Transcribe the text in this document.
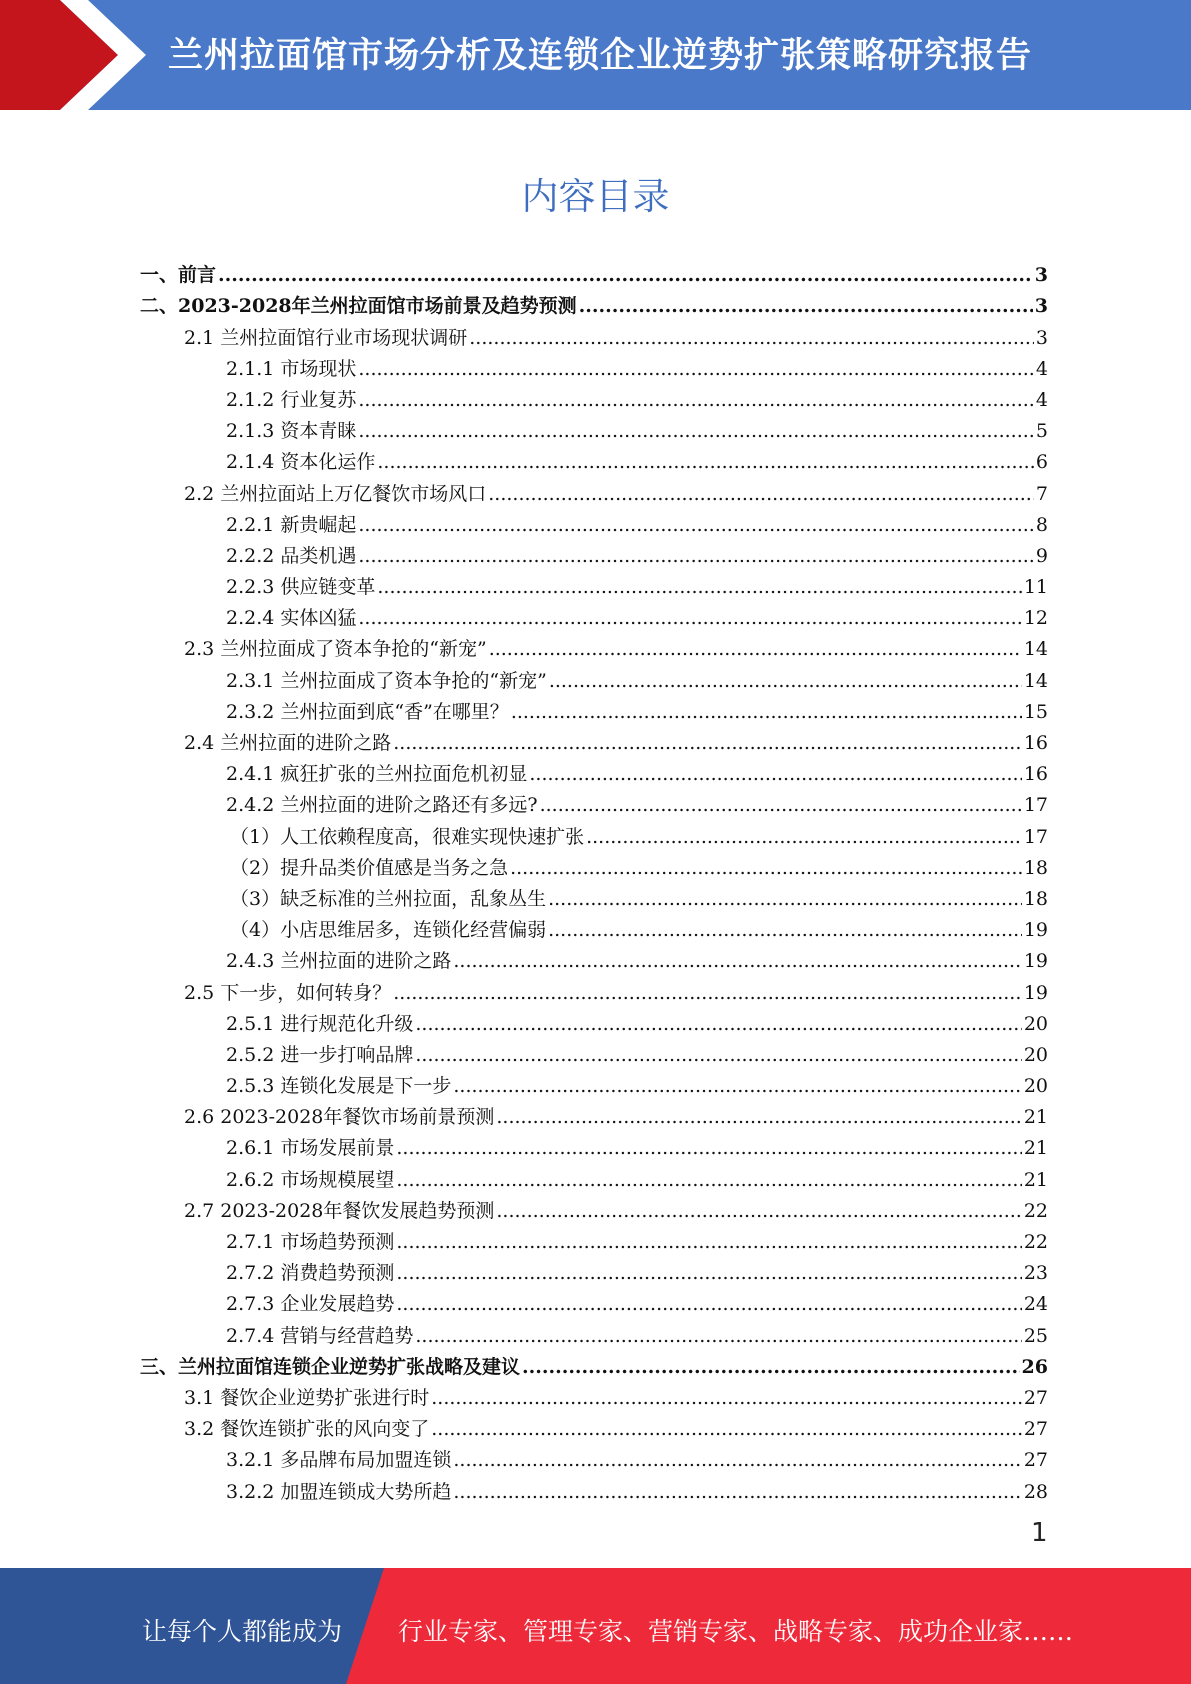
兰州拉面馆市场分析及连锁企业逆势扩张策略研究报告
内容目录
一、前言 .....	3
二、2023-2028年兰州拉面馆市场前景及趋势预测 .....	3
2.1 兰州拉面馆行业市场现状调研 .....	3
2.1.1 市场现状 .....	4
2.1.2 行业复苏 .....	4
2.1.3 资本青睐 .....	5
2.1.4 资本化运作 .....	6
2.2 兰州拉面站上万亿餐饮市场风口 .....	7
2.2.1 新贵崛起 .....	8
2.2.2 品类机遇 .....	9
2.2.3 供应链变革 .....	11
2.2.4 实体凶猛 .....	12
2.3 兰州拉面成了资本争抢的“新宠” .....	14
2.3.1 兰州拉面成了资本争抢的“新宠” .....	14
2.3.2 兰州拉面到底“香”在哪里？ .....	15
2.4 兰州拉面的进阶之路 .....	16
2.4.1 疯狂扩张的兰州拉面危机初显 .....	16
2.4.2 兰州拉面的进阶之路还有多远? .....	17
（1）人工依赖程度高，很难实现快速扩张 .....	17
（2）提升品类价值感是当务之急 .....	18
（3）缺乏标准的兰州拉面，乱象丛生 .....	18
（4）小店思维居多，连锁化经营偏弱 .....	19
2.4.3 兰州拉面的进阶之路 .....	19
2.5 下一步，如何转身？ .....	19
2.5.1 进行规范化升级 .....	20
2.5.2 进一步打响品牌 .....	20
2.5.3 连锁化发展是下一步 .....	20
2.6 2023-2028年餐饮市场前景预测 .....	21
2.6.1 市场发展前景 .....	21
2.6.2 市场规模展望 .....	21
2.7 2023-2028年餐饮发展趋势预测 .....	22
2.7.1 市场趋势预测 .....	22
2.7.2 消费趋势预测 .....	23
2.7.3 企业发展趋势 .....	24
2.7.4 营销与经营趋势 .....	25
三、兰州拉面馆连锁企业逆势扩张战略及建议 .....	26
3.1 餐饮企业逆势扩张进行时 .....	27
3.2 餐饮连锁扩张的风向变了 .....	27
3.2.1 多品牌布局加盟连锁 .....	27
3.2.2 加盟连锁成大势所趋 .....	28
1
让每个人都能成为 行业专家、管理专家、营销专家、战略专家、成功企业家……
